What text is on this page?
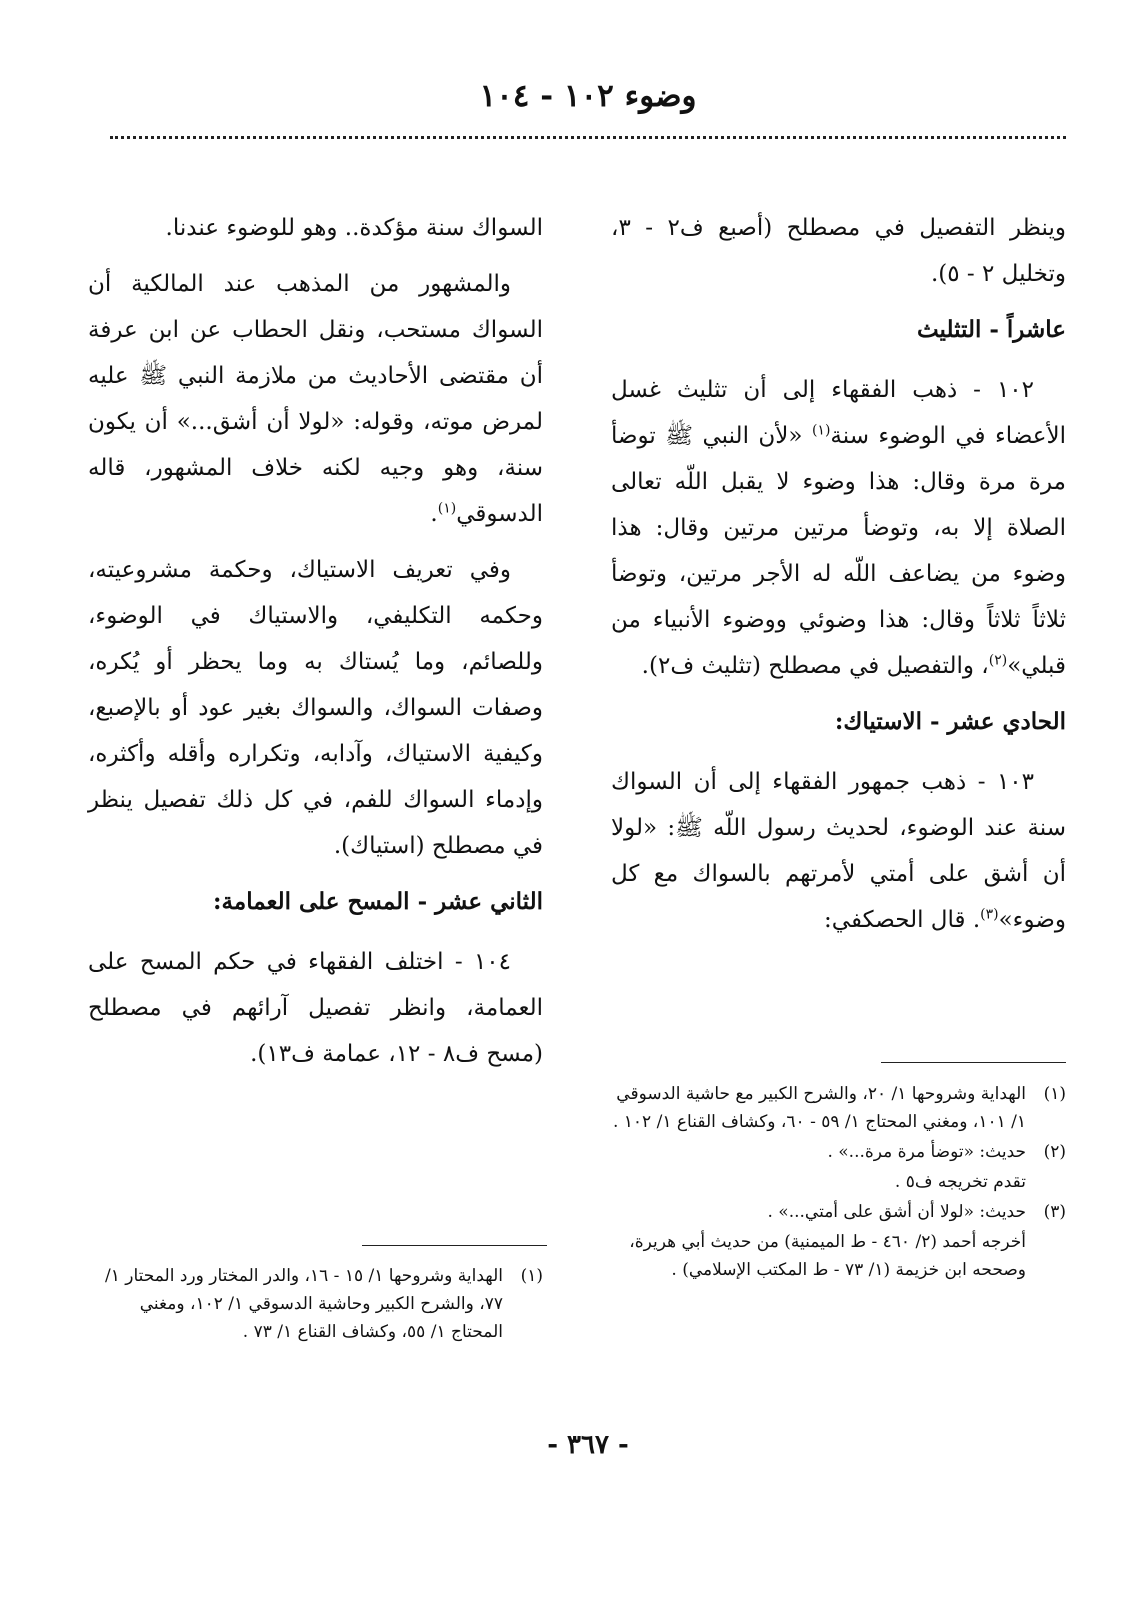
وضوء ١٠٢ - ١٠٤

وينظر التفصيل في مصطلح (أصبع ف٢ - ٣، وتخليل ٢ - ٥).

عاشراً - التثليث

١٠٢ - ذهب الفقهاء إلى أن تثليث غسل الأعضاء في الوضوء سنة$^{(١)}$ «لأن النبي ﷺ توضأ مرة مرة وقال: هذا وضوء لا يقبل اللّه تعالى الصلاة إلا به، وتوضأ مرتين مرتين وقال: هذا وضوء من يضاعف اللّه له الأجر مرتين، وتوضأ ثلاثاً ثلاثاً وقال: هذا وضوئي ووضوء الأنبياء من قبلي»$^{(٢)}$، والتفصيل في مصطلح (تثليث ف٢).

الحادي عشر - الاستياك:

١٠٣ - ذهب جمهور الفقهاء إلى أن السواك سنة عند الوضوء، لحديث رسول اللّه ﷺ: «لولا أن أشق على أمتي لأمرتهم بالسواك مع كل وضوء»$^{(٣)}$. قال الحصكفي:

السواك سنة مؤكدة.. وهو للوضوء عندنا.

والمشهور من المذهب عند المالكية أن السواك مستحب، ونقل الحطاب عن ابن عرفة أن مقتضى الأحاديث من ملازمة النبي ﷺ عليه لمرض موته، وقوله: «لولا أن أشق...» أن يكون سنة، وهو وجيه لكنه خلاف المشهور، قاله الدسوقي$^{(١)}$.

وفي تعريف الاستياك، وحكمة مشروعيته، وحكمه التكليفي، والاستياك في الوضوء، وللصائم، وما يُستاك به وما يحظر أو يُكره، وصفات السواك، والسواك بغير عود أو بالإصبع، وكيفية الاستياك، وآدابه، وتكراره وأقله وأكثره، وإدماء السواك للفم، في كل ذلك تفصيل ينظر في مصطلح (استياك).

الثاني عشر - المسح على العمامة:

١٠٤ - اختلف الفقهاء في حكم المسح على العمامة، وانظر تفصيل آرائهم في مصطلح (مسح ف٨ - ١٢، عمامة ف١٣).

(١)
الهداية وشروحها ١/ ٢٠، والشرح الكبير مع حاشية الدسوقي ١/ ١٠١، ومغني المحتاج ١/ ٥٩ - ٦٠، وكشاف القناع ١/ ١٠٢ .
(٢)
حديث: «توضأ مرة مرة...» .
تقدم تخريجه ف٥ .
(٣)
حديث: «لولا أن أشق على أمتي...» .
أخرجه أحمد (٢/ ٤٦٠ - ط الميمنية) من حديث أبي هريرة، وصححه ابن خزيمة (١/ ٧٣ - ط المكتب الإسلامي) .
(١)
الهداية وشروحها ١/ ١٥ - ١٦، والدر المختار ورد المحتار ١/ ٧٧، والشرح الكبير وحاشية الدسوقي ١/ ١٠٢، ومغني المحتاج ١/ ٥٥، وكشاف القناع ١/ ٧٣ .
- ٣٦٧ -
